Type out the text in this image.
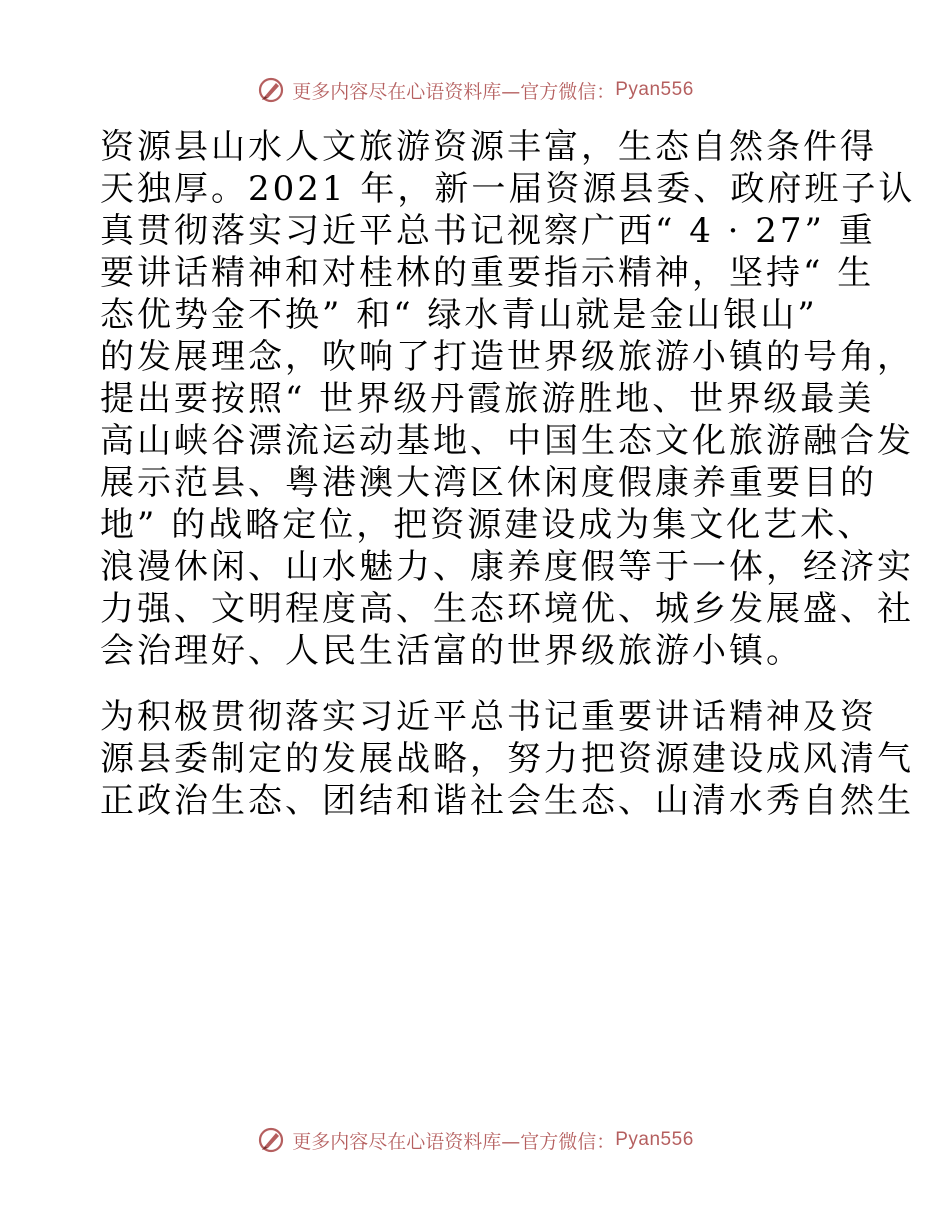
更多内容尽在心语资料库—官方微信： Pyan556

资源县山水人文旅游资源丰富，生态自然条件得
天独厚。2021 年，新一届资源县委、政府班子认
真贯彻落实习近平总书记视察广西“ 4 · 27” 重
要讲话精神和对桂林的重要指示精神，坚持“ 生
态优势金不换” 和“ 绿水青山就是金山银山”
的发展理念，吹响了打造世界级旅游小镇的号角，
提出要按照“ 世界级丹霞旅游胜地、世界级最美
高山峡谷漂流运动基地、中国生态文化旅游融合发
展示范县、粤港澳大湾区休闲度假康养重要目的
地” 的战略定位，把资源建设成为集文化艺术、
浪漫休闲、山水魅力、康养度假等于一体，经济实
力强、文明程度高、生态环境优、城乡发展盛、社
会治理好、人民生活富的世界级旅游小镇。

为积极贯彻落实习近平总书记重要讲话精神及资
源县委制定的发展战略，努力把资源建设成风清气
正政治生态、团结和谐社会生态、山清水秀自然生

更多内容尽在心语资料库—官方微信： Pyan556
